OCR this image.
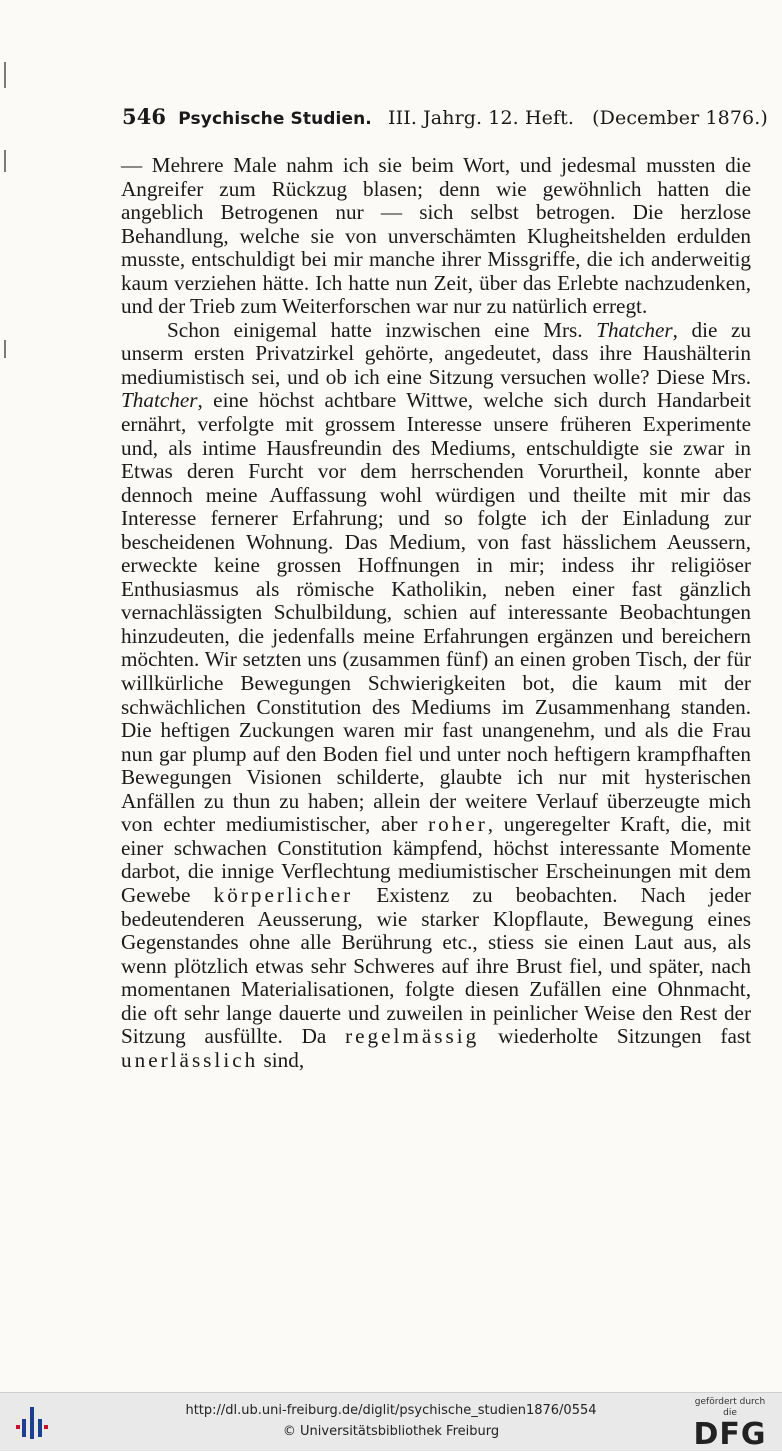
546 Psychische Studien. III. Jahrg. 12. Heft. (December 1876.)

— Mehrere Male nahm ich sie beim Wort, und jedesmal mussten die Angreifer zum Rückzug blasen; denn wie gewöhnlich hatten die angeblich Betrogenen nur — sich selbst betrogen. Die herzlose Behandlung, welche sie von unverschämten Klugheitshelden erdulden musste, entschuldigt bei mir manche ihrer Missgriffe, die ich anderweitig kaum verziehen hätte. Ich hatte nun Zeit, über das Erlebte nachzudenken, und der Trieb zum Weiterforschen war nur zu natürlich erregt.

Schon einigemal hatte inzwischen eine Mrs. Thatcher, die zu unserm ersten Privatzirkel gehörte, angedeutet, dass ihre Haushälterin mediumistisch sei, und ob ich eine Sitzung versuchen wolle? Diese Mrs. Thatcher, eine höchst achtbare Wittwe, welche sich durch Handarbeit ernährt, verfolgte mit grossem Interesse unsere früheren Experimente und, als intime Hausfreundin des Mediums, entschuldigte sie zwar in Etwas deren Furcht vor dem herrschenden Vorurtheil, konnte aber dennoch meine Auffassung wohl würdigen und theilte mit mir das Interesse fernerer Erfahrung; und so folgte ich der Einladung zur bescheidenen Wohnung. Das Medium, von fast hässlichem Aeussern, erweckte keine grossen Hoffnungen in mir; indess ihr religiöser Enthusiasmus als römische Katholikin, neben einer fast gänzlich vernachlässigten Schulbildung, schien auf interessante Beobachtungen hinzudeuten, die jedenfalls meine Erfahrungen ergänzen und bereichern möchten. Wir setzten uns (zusammen fünf) an einen groben Tisch, der für willkürliche Bewegungen Schwierigkeiten bot, die kaum mit der schwächlichen Constitution des Mediums im Zusammenhang standen. Die heftigen Zuckungen waren mir fast unangenehm, und als die Frau nun gar plump auf den Boden fiel und unter noch heftigern krampfhaften Bewegungen Visionen schilderte, glaubte ich nur mit hysterischen Anfällen zu thun zu haben; allein der weitere Verlauf überzeugte mich von echter mediumistischer, aber roher, ungeregelter Kraft, die, mit einer schwachen Constitution kämpfend, höchst interessante Momente darbot, die innige Verflechtung mediumistischer Erscheinungen mit dem Gewebe körperlicher Existenz zu beobachten. Nach jeder bedeutenderen Aeusserung, wie starker Klopflaute, Bewegung eines Gegenstandes ohne alle Berührung etc., stiess sie einen Laut aus, als wenn plötzlich etwas sehr Schweres auf ihre Brust fiel, und später, nach momentanen Materialisationen, folgte diesen Zufällen eine Ohnmacht, die oft sehr lange dauerte und zuweilen in peinlicher Weise den Rest der Sitzung ausfüllte. Da regelmässig wiederholte Sitzungen fast unerlässlich sind,

http://dl.ub.uni-freiburg.de/diglit/psychische_studien1876/0554
© Universitätsbibliothek Freiburg
gefördert durch die
DFG
